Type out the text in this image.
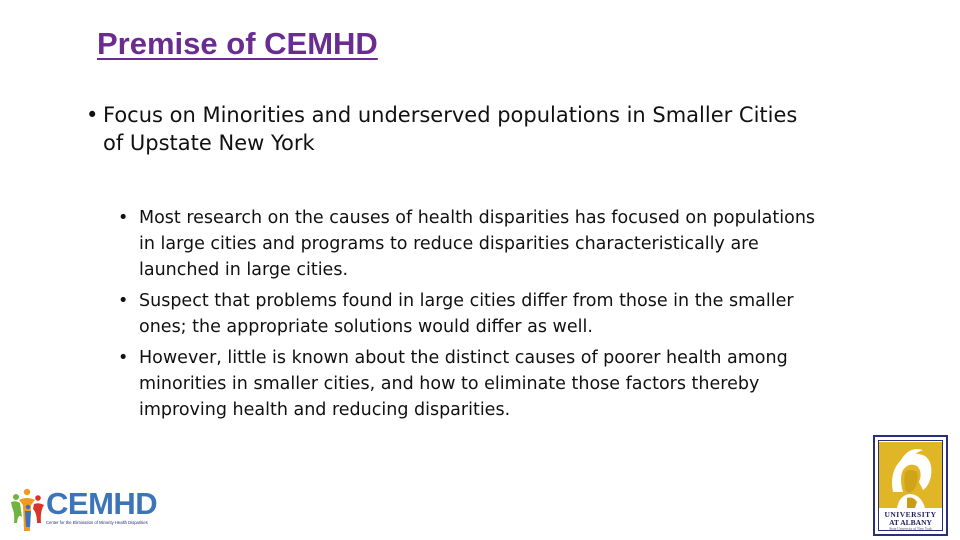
Premise of CEMHD
• Focus on Minorities and underserved populations in Smaller Cities of Upstate New York
• Most research on the causes of health disparities has focused on populations in large cities and programs to reduce disparities characteristically are launched in large cities.
• Suspect that problems found in large cities differ from those in the smaller ones; the appropriate solutions would differ as well.
• However, little is known about the distinct causes of poorer health among minorities in smaller cities, and how to eliminate those factors thereby improving health and reducing disparities.
CEMHD
Center for the Elimination of Minority Health Disparities
UNIVERSITY
AT ALBANY
State University of New York
